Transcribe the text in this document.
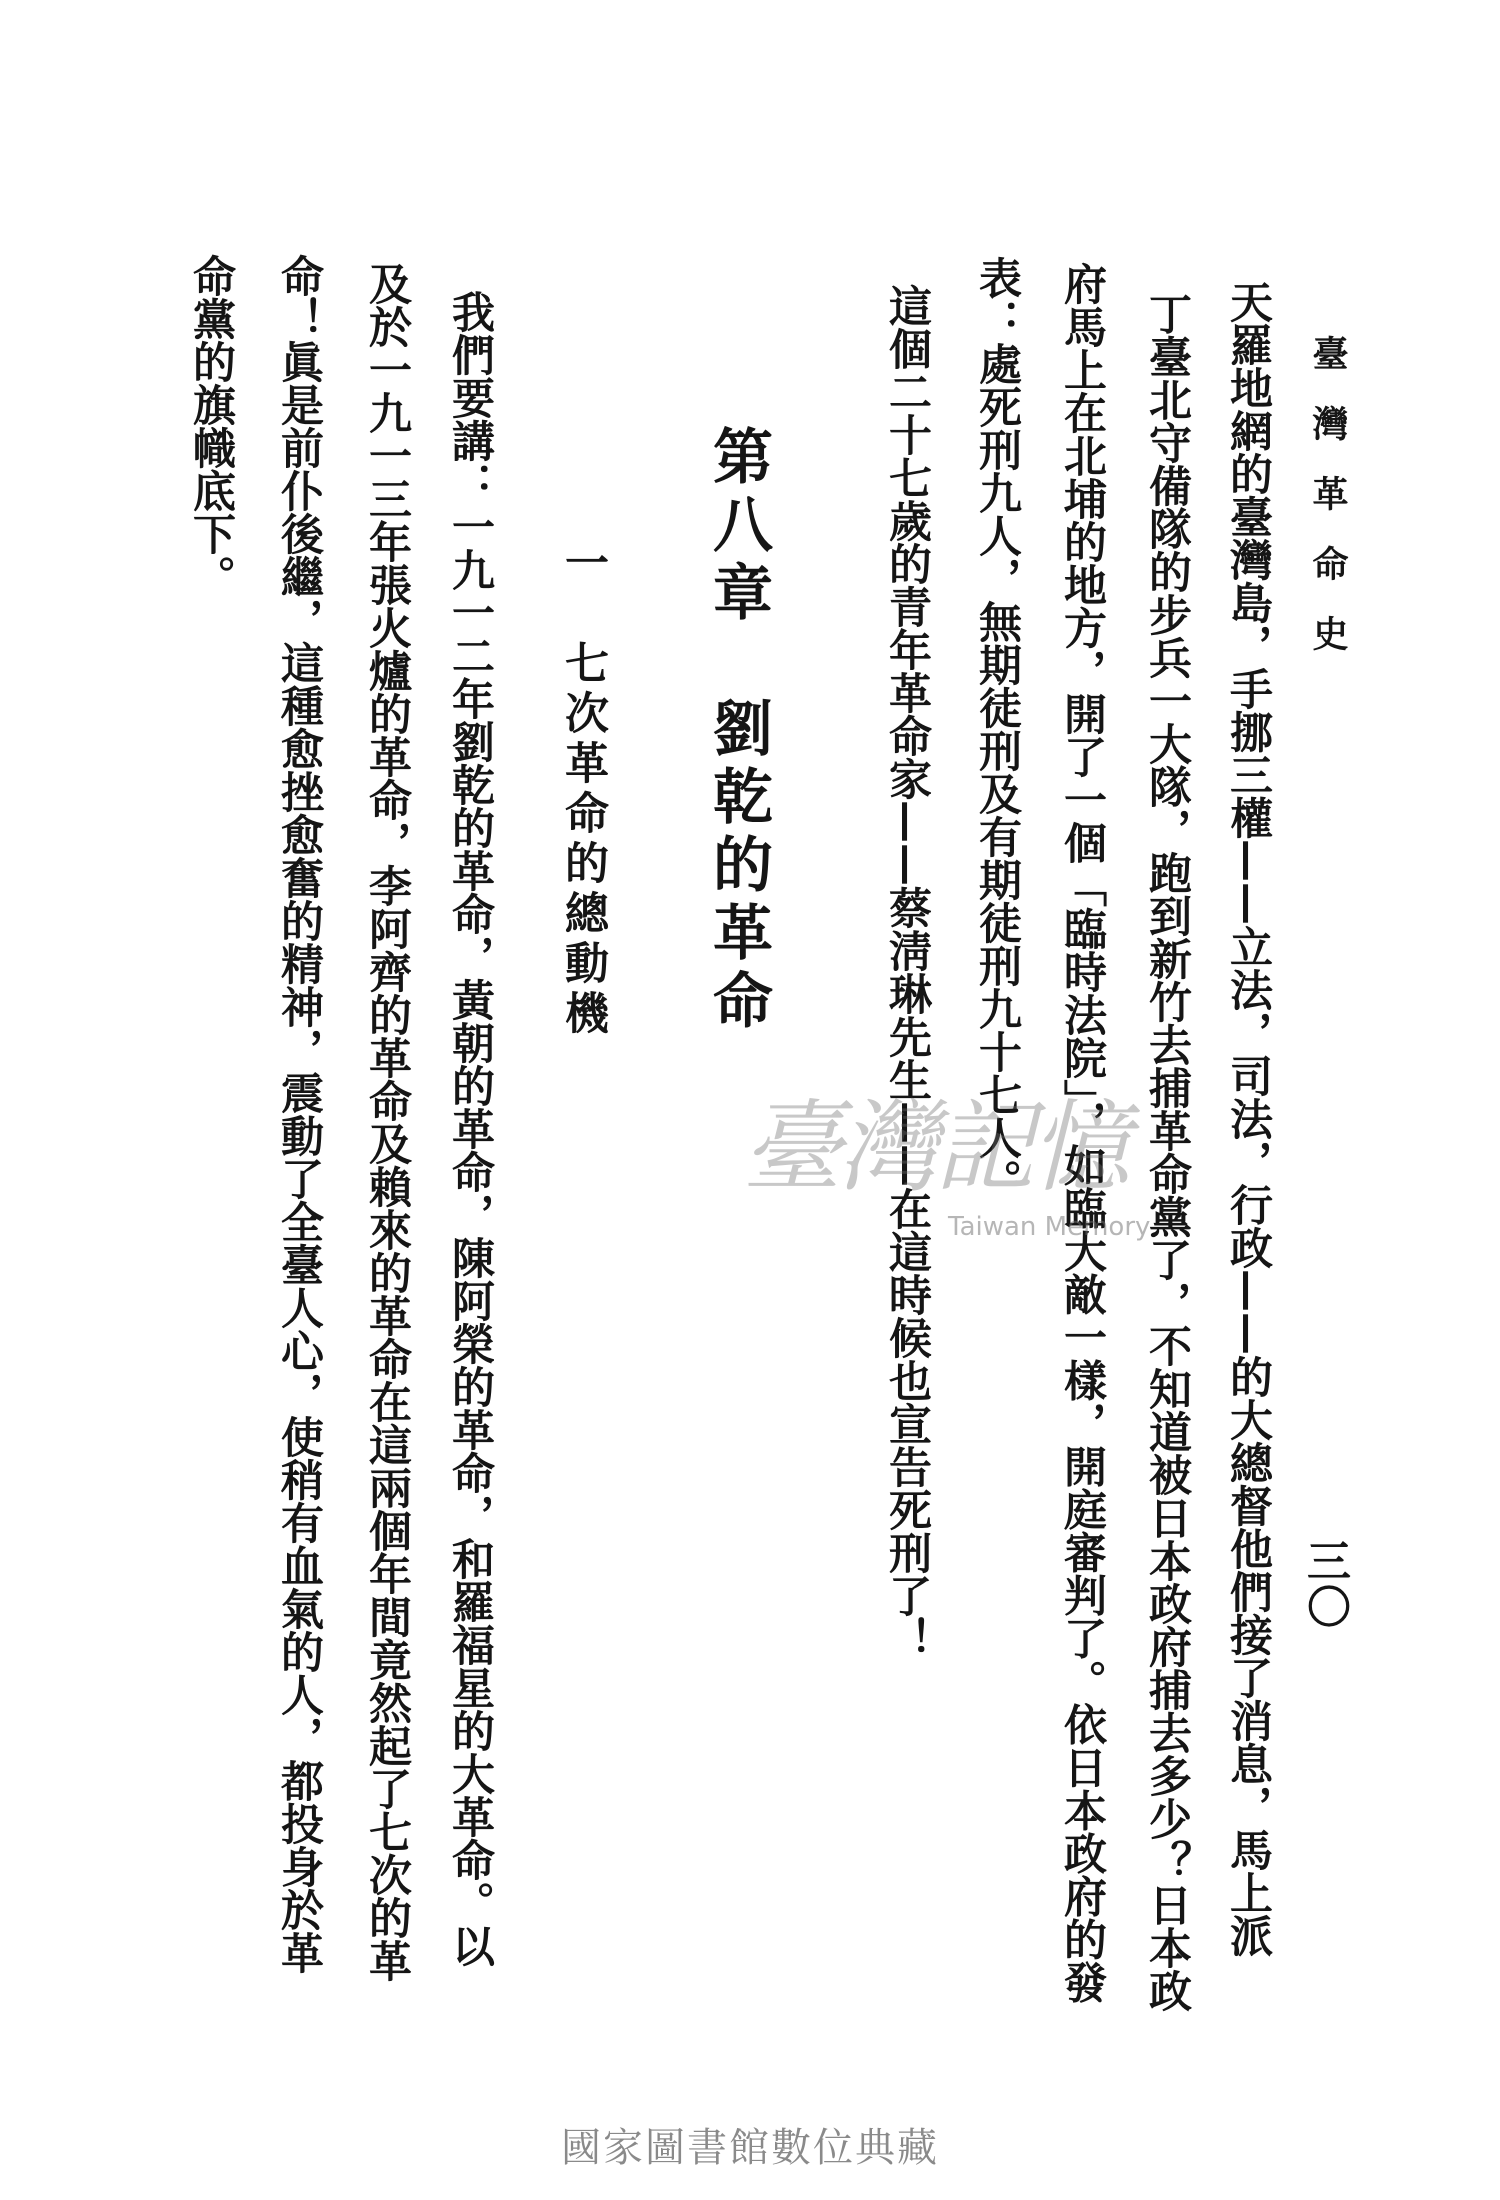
臺灣革命史
三〇
天羅地網的臺灣島，手挪三權——立法，司法，行政——的大總督他們接了消息，馬上派
丁臺北守備隊的步兵一大隊，跑到新竹去捕革命黨了，不知道被日本政府捕去多少？日本政
府馬上在北埔的地方，開了一個「臨時法院」，如臨大敵一樣，開庭審判了。依日本政府的發
表：處死刑九人，無期徒刑及有期徒刑九十七人。
這個二十七歲的青年革命家——蔡淸琳先生——在這時候也宣告死刑了！
第八章　劉乾的革命
一　七次革命的總動機
我們要講：一九一二年劉乾的革命，黃朝的革命，陳阿榮的革命，和羅福星的大革命。以
及於一九一三年張火爐的革命，李阿齊的革命及賴來的革命在這兩個年間竟然起了七次的革
命！眞是前仆後繼，這種愈挫愈奮的精神，震動了全臺人心，使稍有血氣的人，都投身於革
命黨的旗幟底下。
臺灣記憶
Taiwan Memory
國家圖書館數位典藏
